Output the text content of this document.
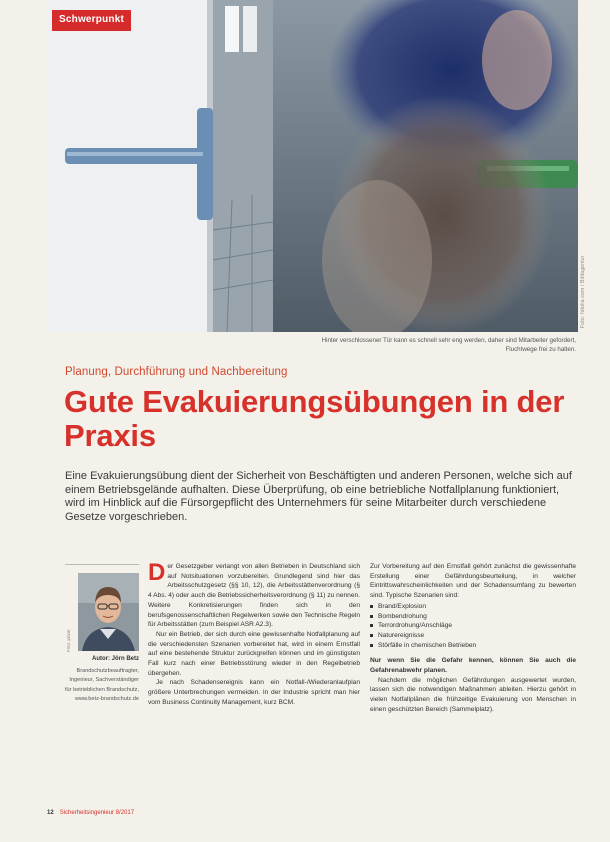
Schwerpunkt
Foto: fotolia.com / Bildagentur
Hinter verschlossener Tür kann es schnell sehr eng werden, daher sind Mitarbeiter gefordert, Fluchtwege frei zu halten.
Planung, Durchführung und Nachbereitung
Gute Evakuierungsübungen in der Praxis

Eine Evakuierungsübung dient der Sicherheit von Beschäftigten und anderen Personen, welche sich auf einem Betriebsgelände aufhalten. Diese Überprüfung, ob eine betriebliche Notfallplanung funktioniert, wird im Hinblick auf die Fürsorgepflicht des Unternehmers für seine Mitarbeiter durch verschiedene Gesetze vorgeschrieben.

Foto: privat
Autor: Jörn Betz
Brandschutzbeauftragter, Ingenieur, Sachverständiger für betrieblichen Brandschutz, www.betz-brandschutz.de

Der Gesetzgeber verlangt von allen Betrieben in Deutschland sich auf Notsituationen vorzubereiten. Grundlegend sind hier das Arbeitsschutzgesetz (§§ 10, 12), die Arbeitsstättenverordnung (§ 4 Abs. 4) oder auch die Betriebssicherheitsverordnung (§ 11) zu nennen. Weitere Konkretisierungen finden sich in den berufsgenossenschaftlichen Regelwerken sowie den Technische Regeln für Arbeitsstätten (zum Beispiel ASR A2.3).

Nur ein Betrieb, der sich durch eine gewissenhafte Notfallplanung auf die verschiedensten Szenarien vorbereitet hat, wird in einem Ernstfall auf eine bestehende Struktur zurückgreifen können und im günstigsten Fall kurz nach einer Betriebsstörung wieder in den Regelbetrieb übergehen.

Je nach Schadensereignis kann ein Notfall-/Wiederanlaufplan größere Unterbrechungen vermeiden. In der Industrie spricht man hier vom Business Continuity Management, kurz BCM.

Zur Vorbereitung auf den Ernstfall gehört zunächst die gewissenhafte Erstellung einer Gefährdungsbeurteilung, in welcher Eintrittswahrscheinlichkeiten und der Schadensumfang zu bewerten sind. Typische Szenarien sind:

Brand/Explosion
Bombendrohung
Terrordrohung/Anschläge
Naturereignisse
Störfälle in chemischen Betrieben

Nur wenn Sie die Gefahr kennen, können Sie auch die Gefahrenabwehr planen.

Nachdem die möglichen Gefährdungen ausgewertet wurden, lassen sich die notwendigen Maßnahmen ableiten. Hierzu gehört in vielen Notfallplänen die frühzeitige Evakuierung von Menschen in einen geschützten Bereich (Sammelplatz).

12 Sicherheitsingenieur 8/2017
